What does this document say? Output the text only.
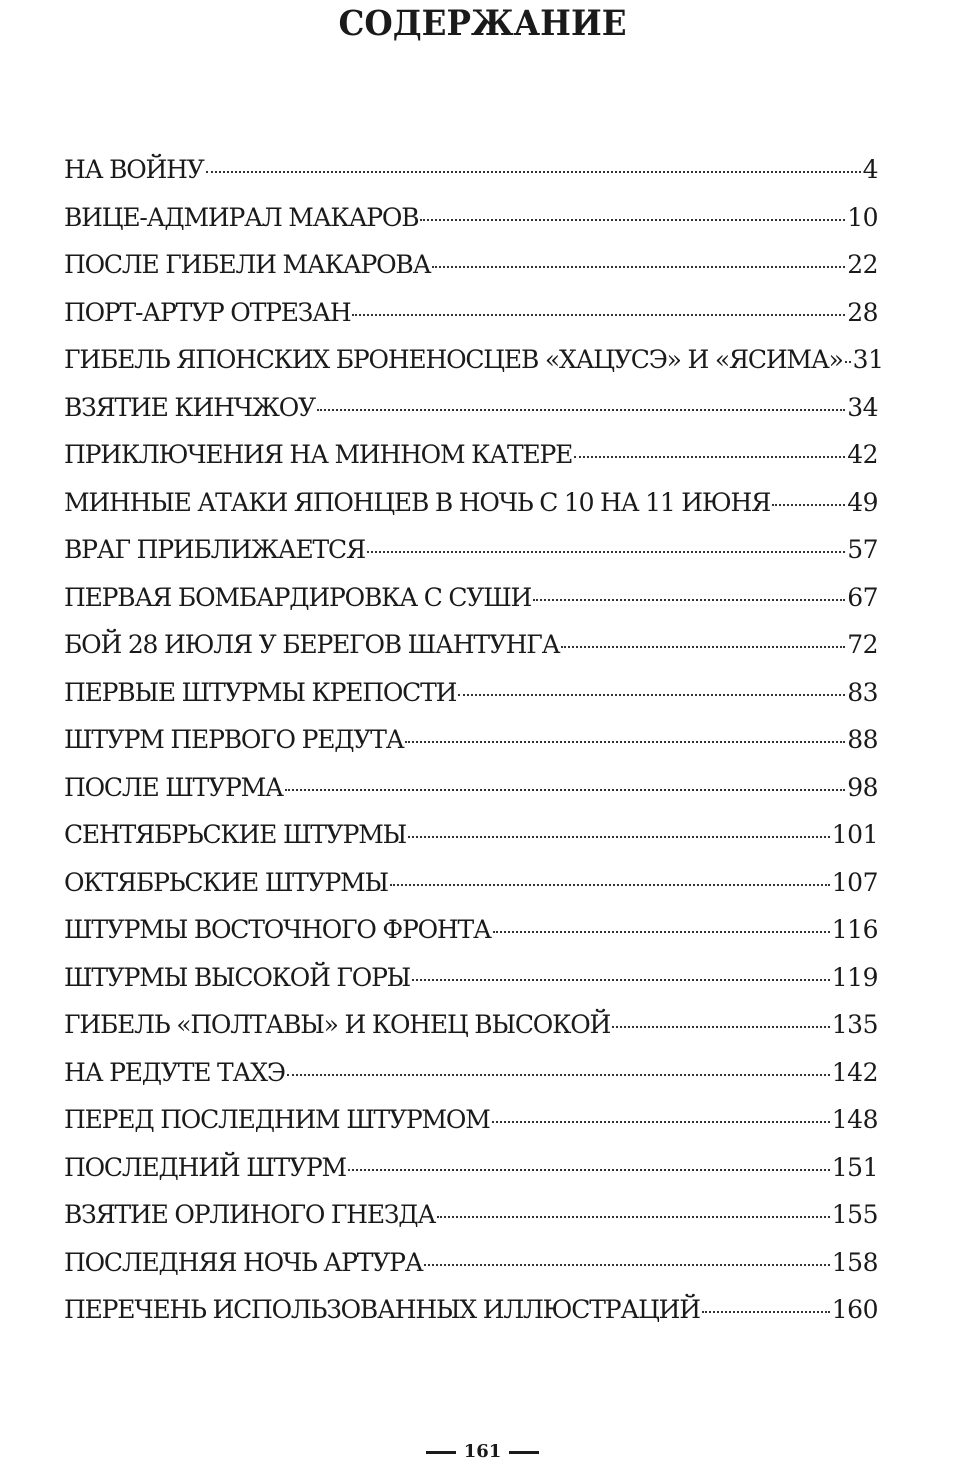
СОДЕРЖАНИЕ
НА ВОЙНУ	4
ВИЦЕ-АДМИРАЛ МАКАРОВ	10
ПОСЛЕ ГИБЕЛИ МАКАРОВА	22
ПОРТ-АРТУР ОТРЕЗАН	28
ГИБЕЛЬ ЯПОНСКИХ БРОНЕНОСЦЕВ «ХАЦУСЭ» И «ЯСИМА» 31
ВЗЯТИЕ КИНЧЖОУ	34
ПРИКЛЮЧЕНИЯ НА МИННОМ КАТЕРЕ	42
МИННЫЕ АТАКИ ЯПОНЦЕВ В НОЧЬ С 10 НА 11 ИЮНЯ	49
ВРАГ ПРИБЛИЖАЕТСЯ	57
ПЕРВАЯ БОМБАРДИРОВКА С СУШИ	67
БОЙ 28 ИЮЛЯ У БЕРЕГОВ ШАНТУНГА	72
ПЕРВЫЕ ШТУРМЫ КРЕПОСТИ	83
ШТУРМ ПЕРВОГО РЕДУТА	88
ПОСЛЕ ШТУРМА	98
СЕНТЯБРЬСКИЕ ШТУРМЫ	101
ОКТЯБРЬСКИЕ ШТУРМЫ	107
ШТУРМЫ ВОСТОЧНОГО ФРОНТА	116
ШТУРМЫ ВЫСОКОЙ ГОРЫ	119
ГИБЕЛЬ «ПОЛТАВЫ» И КОНЕЦ ВЫСОКОЙ	135
НА РЕДУТЕ ТАХЭ	142
ПЕРЕД ПОСЛЕДНИМ ШТУРМОМ	148
ПОСЛЕДНИЙ ШТУРМ	151
ВЗЯТИЕ ОРЛИНОГО ГНЕЗДА	155
ПОСЛЕДНЯЯ НОЧЬ АРТУРА	158
ПЕРЕЧЕНЬ ИСПОЛЬЗОВАННЫХ ИЛЛЮСТРАЦИЙ	160
161
